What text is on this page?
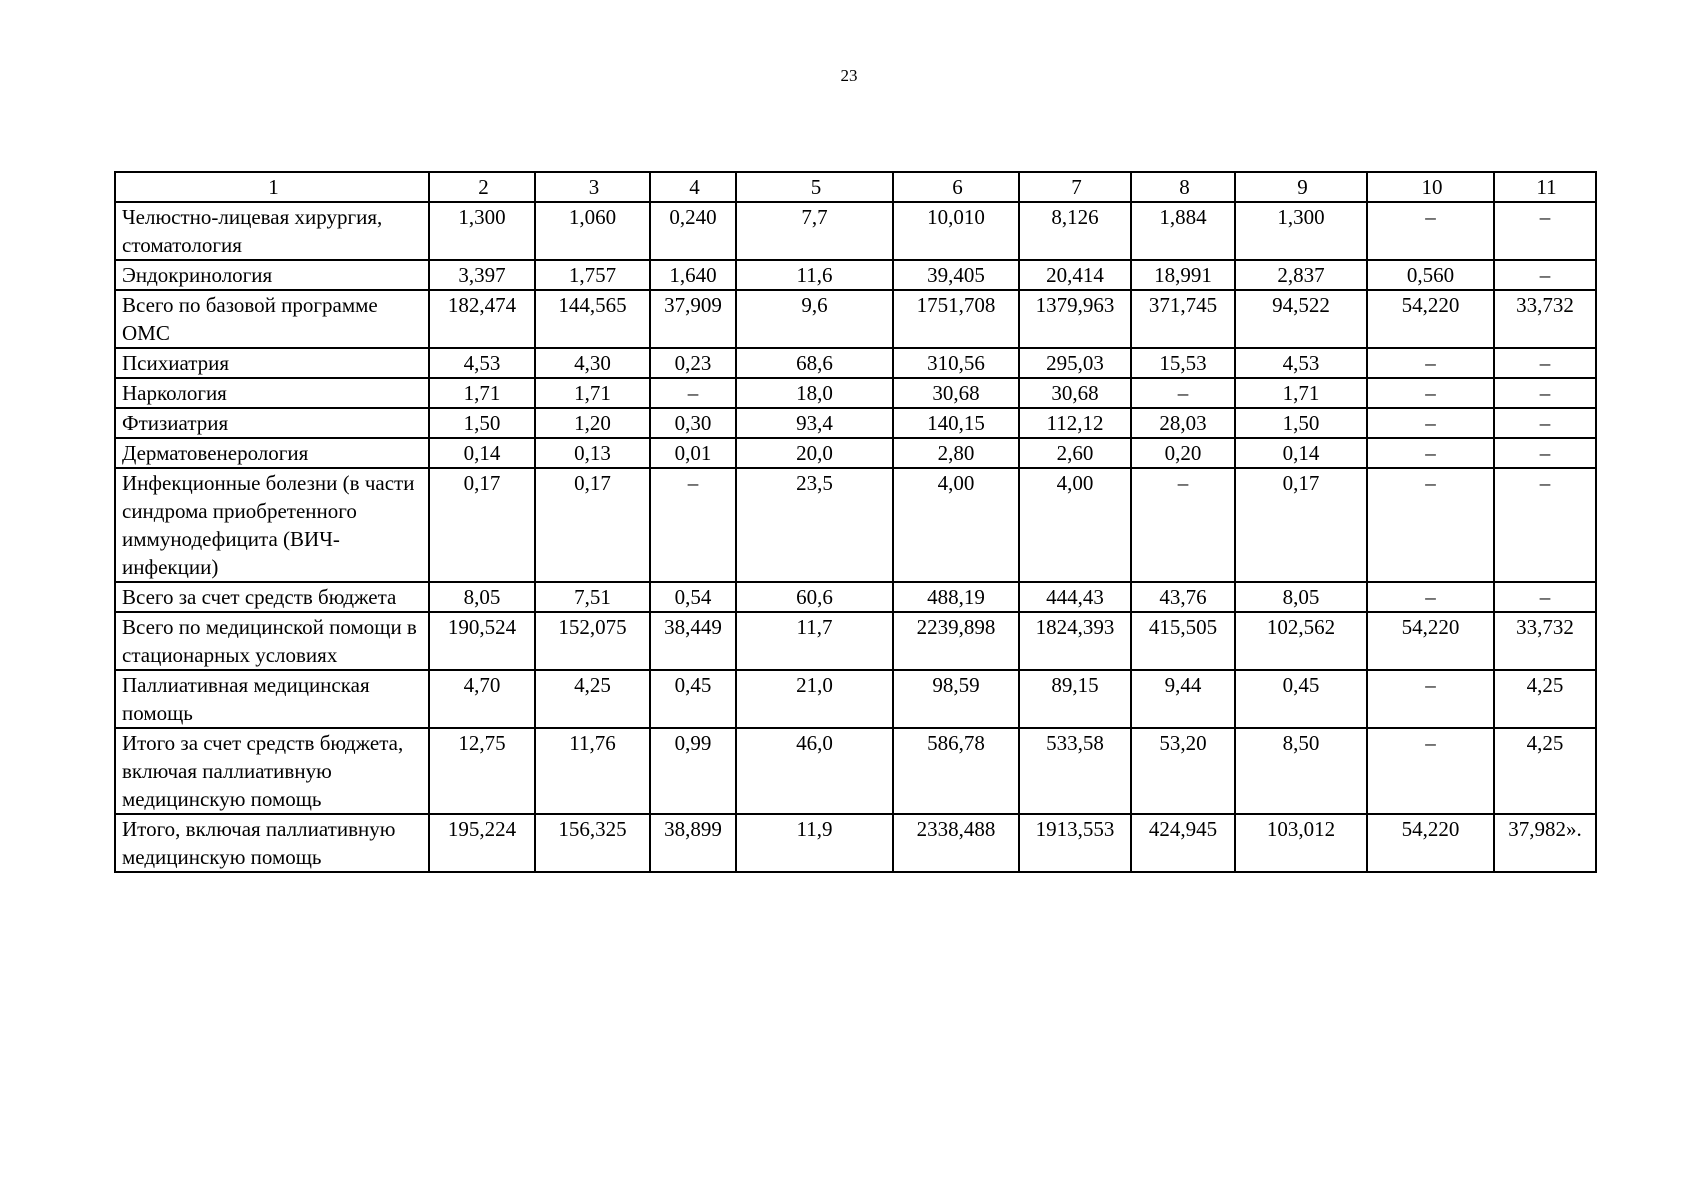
23
1	2	3	4	5	6	7	8	9	10	11
Челюстно-лицевая хирургия, стоматология	1,300	1,060	0,240	7,7	10,010	8,126	1,884	1,300	–	–
Эндокринология	3,397	1,757	1,640	11,6	39,405	20,414	18,991	2,837	0,560	–
Всего по базовой программе ОМС	182,474	144,565	37,909	9,6	1751,708	1379,963	371,745	94,522	54,220	33,732
Психиатрия	4,53	4,30	0,23	68,6	310,56	295,03	15,53	4,53	–	–
Наркология	1,71	1,71	–	18,0	30,68	30,68	–	1,71	–	–
Фтизиатрия	1,50	1,20	0,30	93,4	140,15	112,12	28,03	1,50	–	–
Дерматовенерология	0,14	0,13	0,01	20,0	2,80	2,60	0,20	0,14	–	–
Инфекционные болезни (в части синдрома приобретенного иммунодефицита (ВИЧ-инфекции)	0,17	0,17	–	23,5	4,00	4,00	–	0,17	–	–
Всего за счет средств бюджета	8,05	7,51	0,54	60,6	488,19	444,43	43,76	8,05	–	–
Всего по медицинской помощи в стационарных условиях	190,524	152,075	38,449	11,7	2239,898	1824,393	415,505	102,562	54,220	33,732
Паллиативная медицинская помощь	4,70	4,25	0,45	21,0	98,59	89,15	9,44	0,45	–	4,25
Итого за счет средств бюджета, включая паллиативную медицинскую помощь	12,75	11,76	0,99	46,0	586,78	533,58	53,20	8,50	–	4,25
Итого, включая паллиативную медицинскую помощь	195,224	156,325	38,899	11,9	2338,488	1913,553	424,945	103,012	54,220	37,982».
